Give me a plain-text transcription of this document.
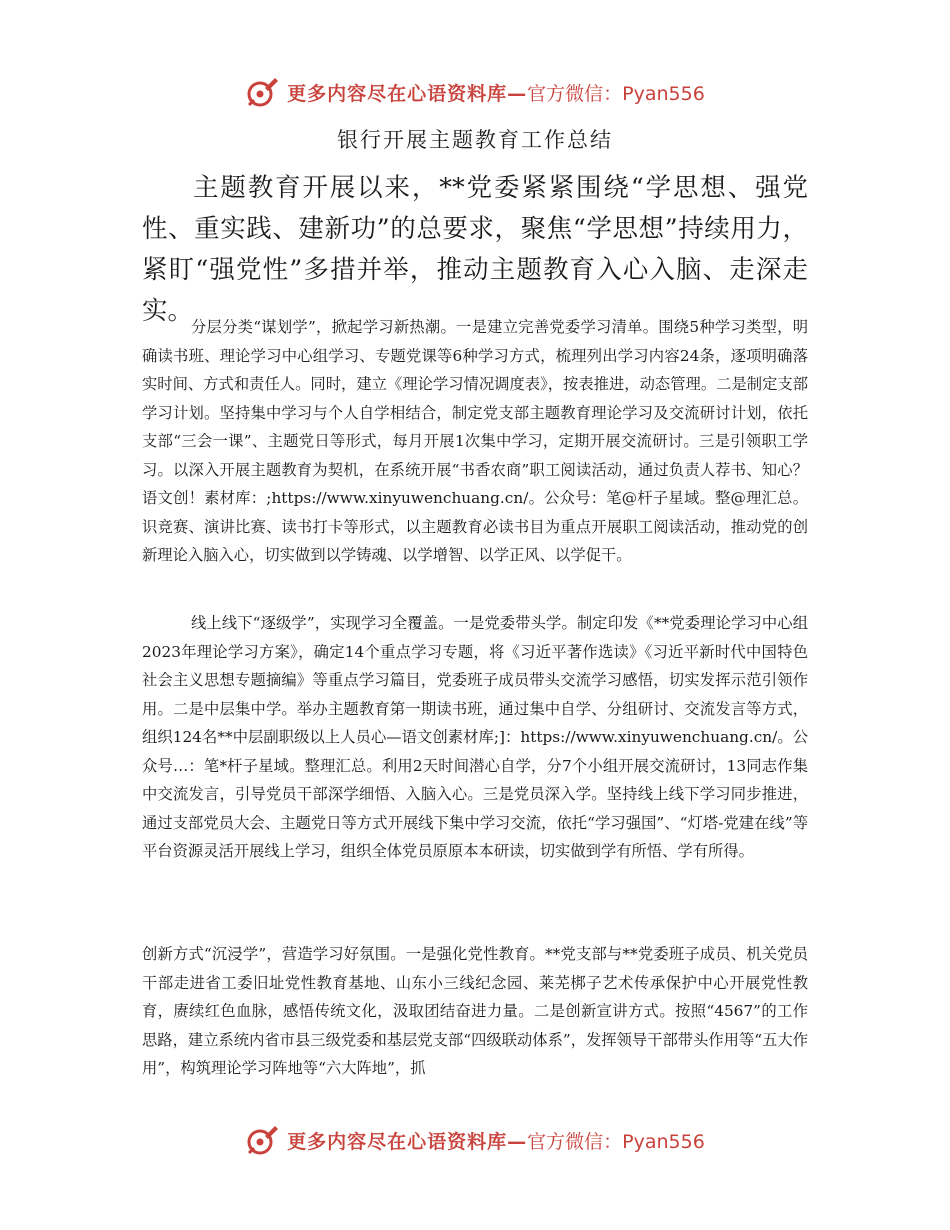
更多内容尽在心语资料库—官方微信：Pyan556
银行开展主题教育工作总结

主题教育开展以来，**党委紧紧围绕“学思想、强党性、重实践、建新功”的总要求，聚焦“学思想”持续用力，紧盯“强党性”多措并举，推动主题教育入心入脑、走深走实。

分层分类“谋划学”，掀起学习新热潮。一是建立完善党委学习清单。围绕5种学习类型，明确读书班、理论学习中心组学习、专题党课等6种学习方式，梳理列出学习内容24条，逐项明确落实时间、方式和责任人。同时，建立《理论学习情况调度表》，按表推进，动态管理。二是制定支部学习计划。坚持集中学习与个人自学相结合，制定党支部主题教育理论学习及交流研讨计划，依托支部“三会一课”、主题党日等形式，每月开展1次集中学习，定期开展交流研讨。三是引领职工学习。以深入开展主题教育为契机，在系统开展“书香农商”职工阅读活动，通过负责人荐书、知心？语文创！素材库：;https://www.xinyuwenchuang.cn/。公众号：笔@杆子星域。整@理汇总。识竞赛、演讲比赛、读书打卡等形式，以主题教育必读书目为重点开展职工阅读活动，推动党的创新理论入脑入心，切实做到以学铸魂、以学增智、以学正风、以学促干。

线上线下“逐级学”，实现学习全覆盖。一是党委带头学。制定印发《**党委理论学习中心组2023年理论学习方案》，确定14个重点学习专题，将《习近平著作选读》《习近平新时代中国特色社会主义思想专题摘编》等重点学习篇目，党委班子成员带头交流学习感悟，切实发挥示范引领作用。二是中层集中学。举办主题教育第一期读书班，通过集中自学、分组研讨、交流发言等方式，组织124名**中层副职级以上人员心—语文创素材库;]：https://www.xinyuwenchuang.cn/。公众号…：笔*杆子星域。整理汇总。利用2天时间潜心自学，分7个小组开展交流研讨，13同志作集中交流发言，引导党员干部深学细悟、入脑入心。三是党员深入学。坚持线上线下学习同步推进，通过支部党员大会、主题党日等方式开展线下集中学习交流，依托“学习强国”、“灯塔-党建在线”等平台资源灵活开展线上学习，组织全体党员原原本本研读，切实做到学有所悟、学有所得。

创新方式“沉浸学”，营造学习好氛围。一是强化党性教育。**党支部与**党委班子成员、机关党员干部走进省工委旧址党性教育基地、山东小三线纪念园、莱芜梆子艺术传承保护中心开展党性教育，赓续红色血脉，感悟传统文化，汲取团结奋进力量。二是创新宣讲方式。按照“4567”的工作思路，建立系统内省市县三级党委和基层党支部“四级联动体系”，发挥领导干部带头作用等“五大作用”，构筑理论学习阵地等“六大阵地”，抓

更多内容尽在心语资料库—官方微信：Pyan556
